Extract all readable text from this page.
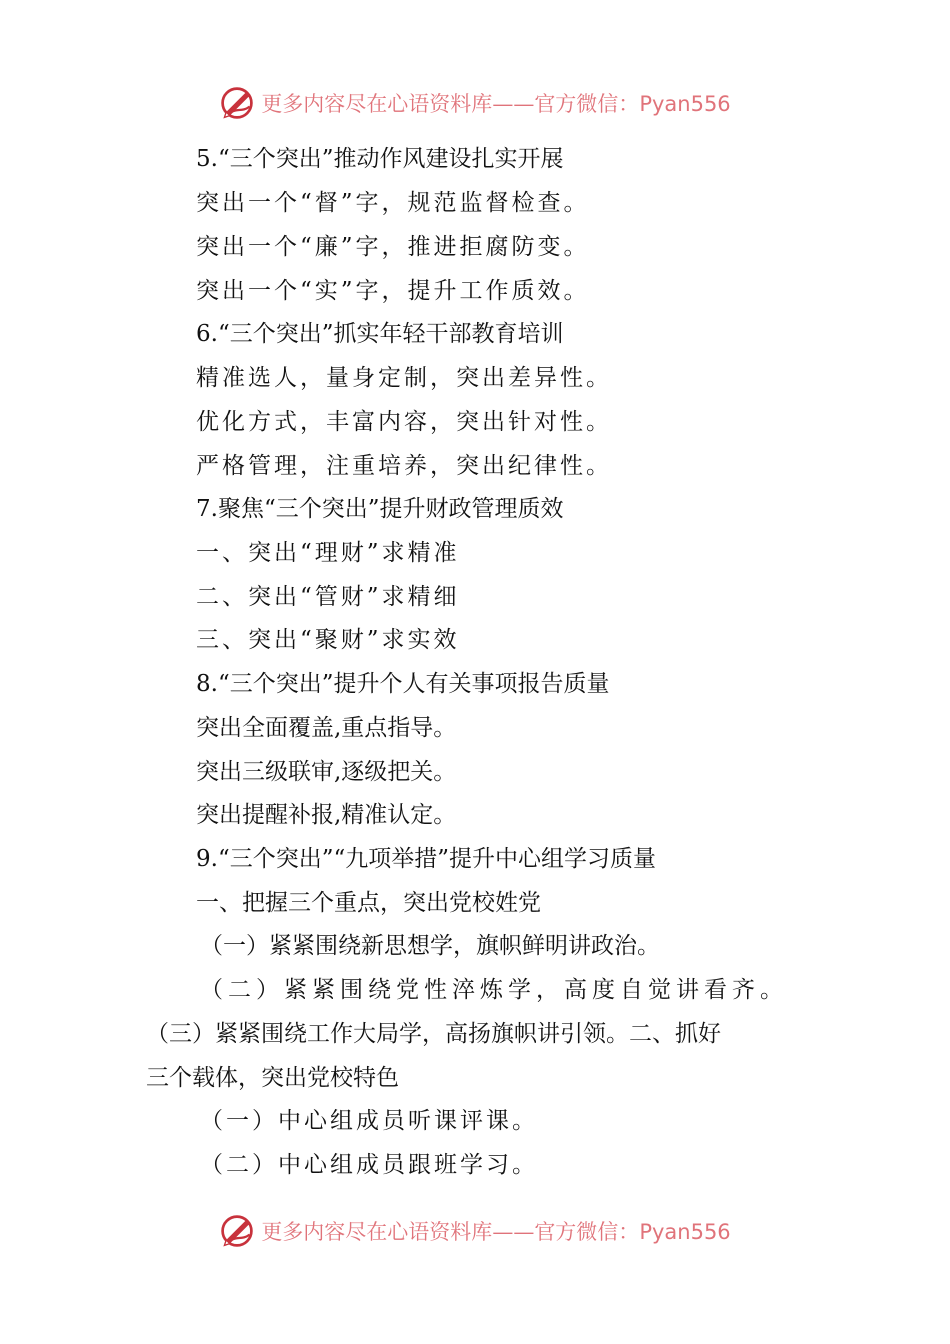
更多内容尽在心语资料库——官方微信：Pyan556
5.“三个突出”推动作风建设扎实开展
突出一个“督”字，规范监督检查。
突出一个“廉”字，推进拒腐防变。
突出一个“实”字，提升工作质效。
6.“三个突出”抓实年轻干部教育培训
精准选人，量身定制，突出差异性。
优化方式，丰富内容，突出针对性。
严格管理，注重培养，突出纪律性。
7.聚焦“三个突出”提升财政管理质效
一、突出“理财”求精准
二、突出“管财”求精细
三、突出“聚财”求实效
8.“三个突出”提升个人有关事项报告质量
突出全面覆盖,重点指导。
突出三级联审,逐级把关。
突出提醒补报,精准认定。
9.“三个突出”“九项举措”提升中心组学习质量
一、把握三个重点，突出党校姓党
（一）紧紧围绕新思想学，旗帜鲜明讲政治。
（二）紧紧围绕党性淬炼学，高度自觉讲看齐。
（三）紧紧围绕工作大局学，高扬旗帜讲引领。二、抓好
三个载体，突出党校特色
（一）中心组成员听课评课。
（二）中心组成员跟班学习。
更多内容尽在心语资料库——官方微信：Pyan556
